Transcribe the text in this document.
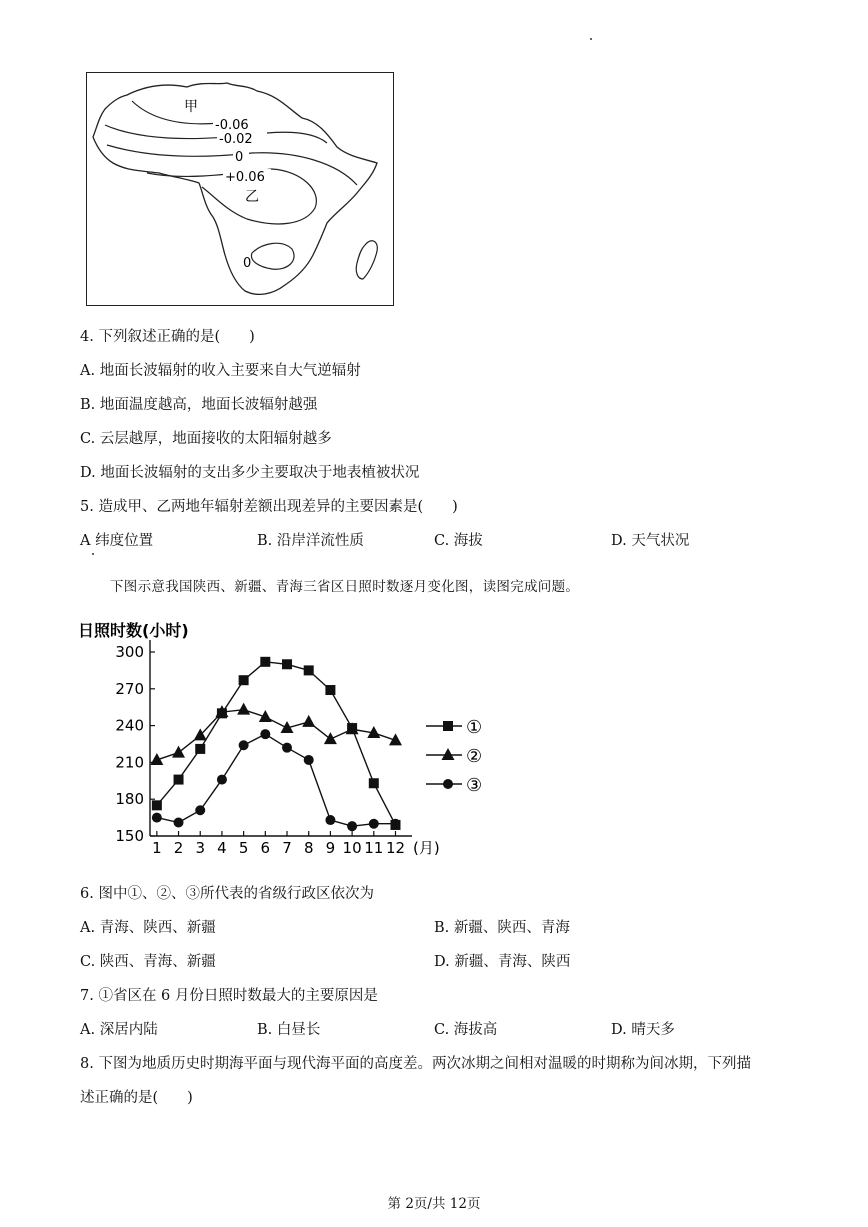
甲
-0.06
-0.02
0
+0.06
乙
0
4. 下列叙述正确的是(　　)
A. 地面长波辐射的收入主要来自大气逆辐射
B. 地面温度越高，地面长波辐射越强
C. 云层越厚，地面接收的太阳辐射越多
D. 地面长波辐射的支出多少主要取决于地表植被状况
5. 造成甲、乙两地年辐射差额出现差异的主要因素是(　　)
A 纬度位置	B. 沿岸洋流性质	C. 海拔	D. 天气状况
下图示意我国陕西、新疆、青海三省区日照时数逐月变化图，读图完成问题。
日照时数(小时)
150
180
210
240
270
300
1 2 3 4 5 6 7 8 9 10 11 12
①
②
③
(月)
6. 图中①、②、③所代表的省级行政区依次为
A. 青海、陕西、新疆	B. 新疆、陕西、青海
C. 陕西、青海、新疆	D. 新疆、青海、陕西
7. ①省区在 6 月份日照时数最大的主要原因是
A. 深居内陆	B. 白昼长	C. 海拔高	D. 晴天多
8. 下图为地质历史时期海平面与现代海平面的高度差。两次冰期之间相对温暖的时期称为间冰期，下列描
述正确的是(　　)
第 2页/共 12页
